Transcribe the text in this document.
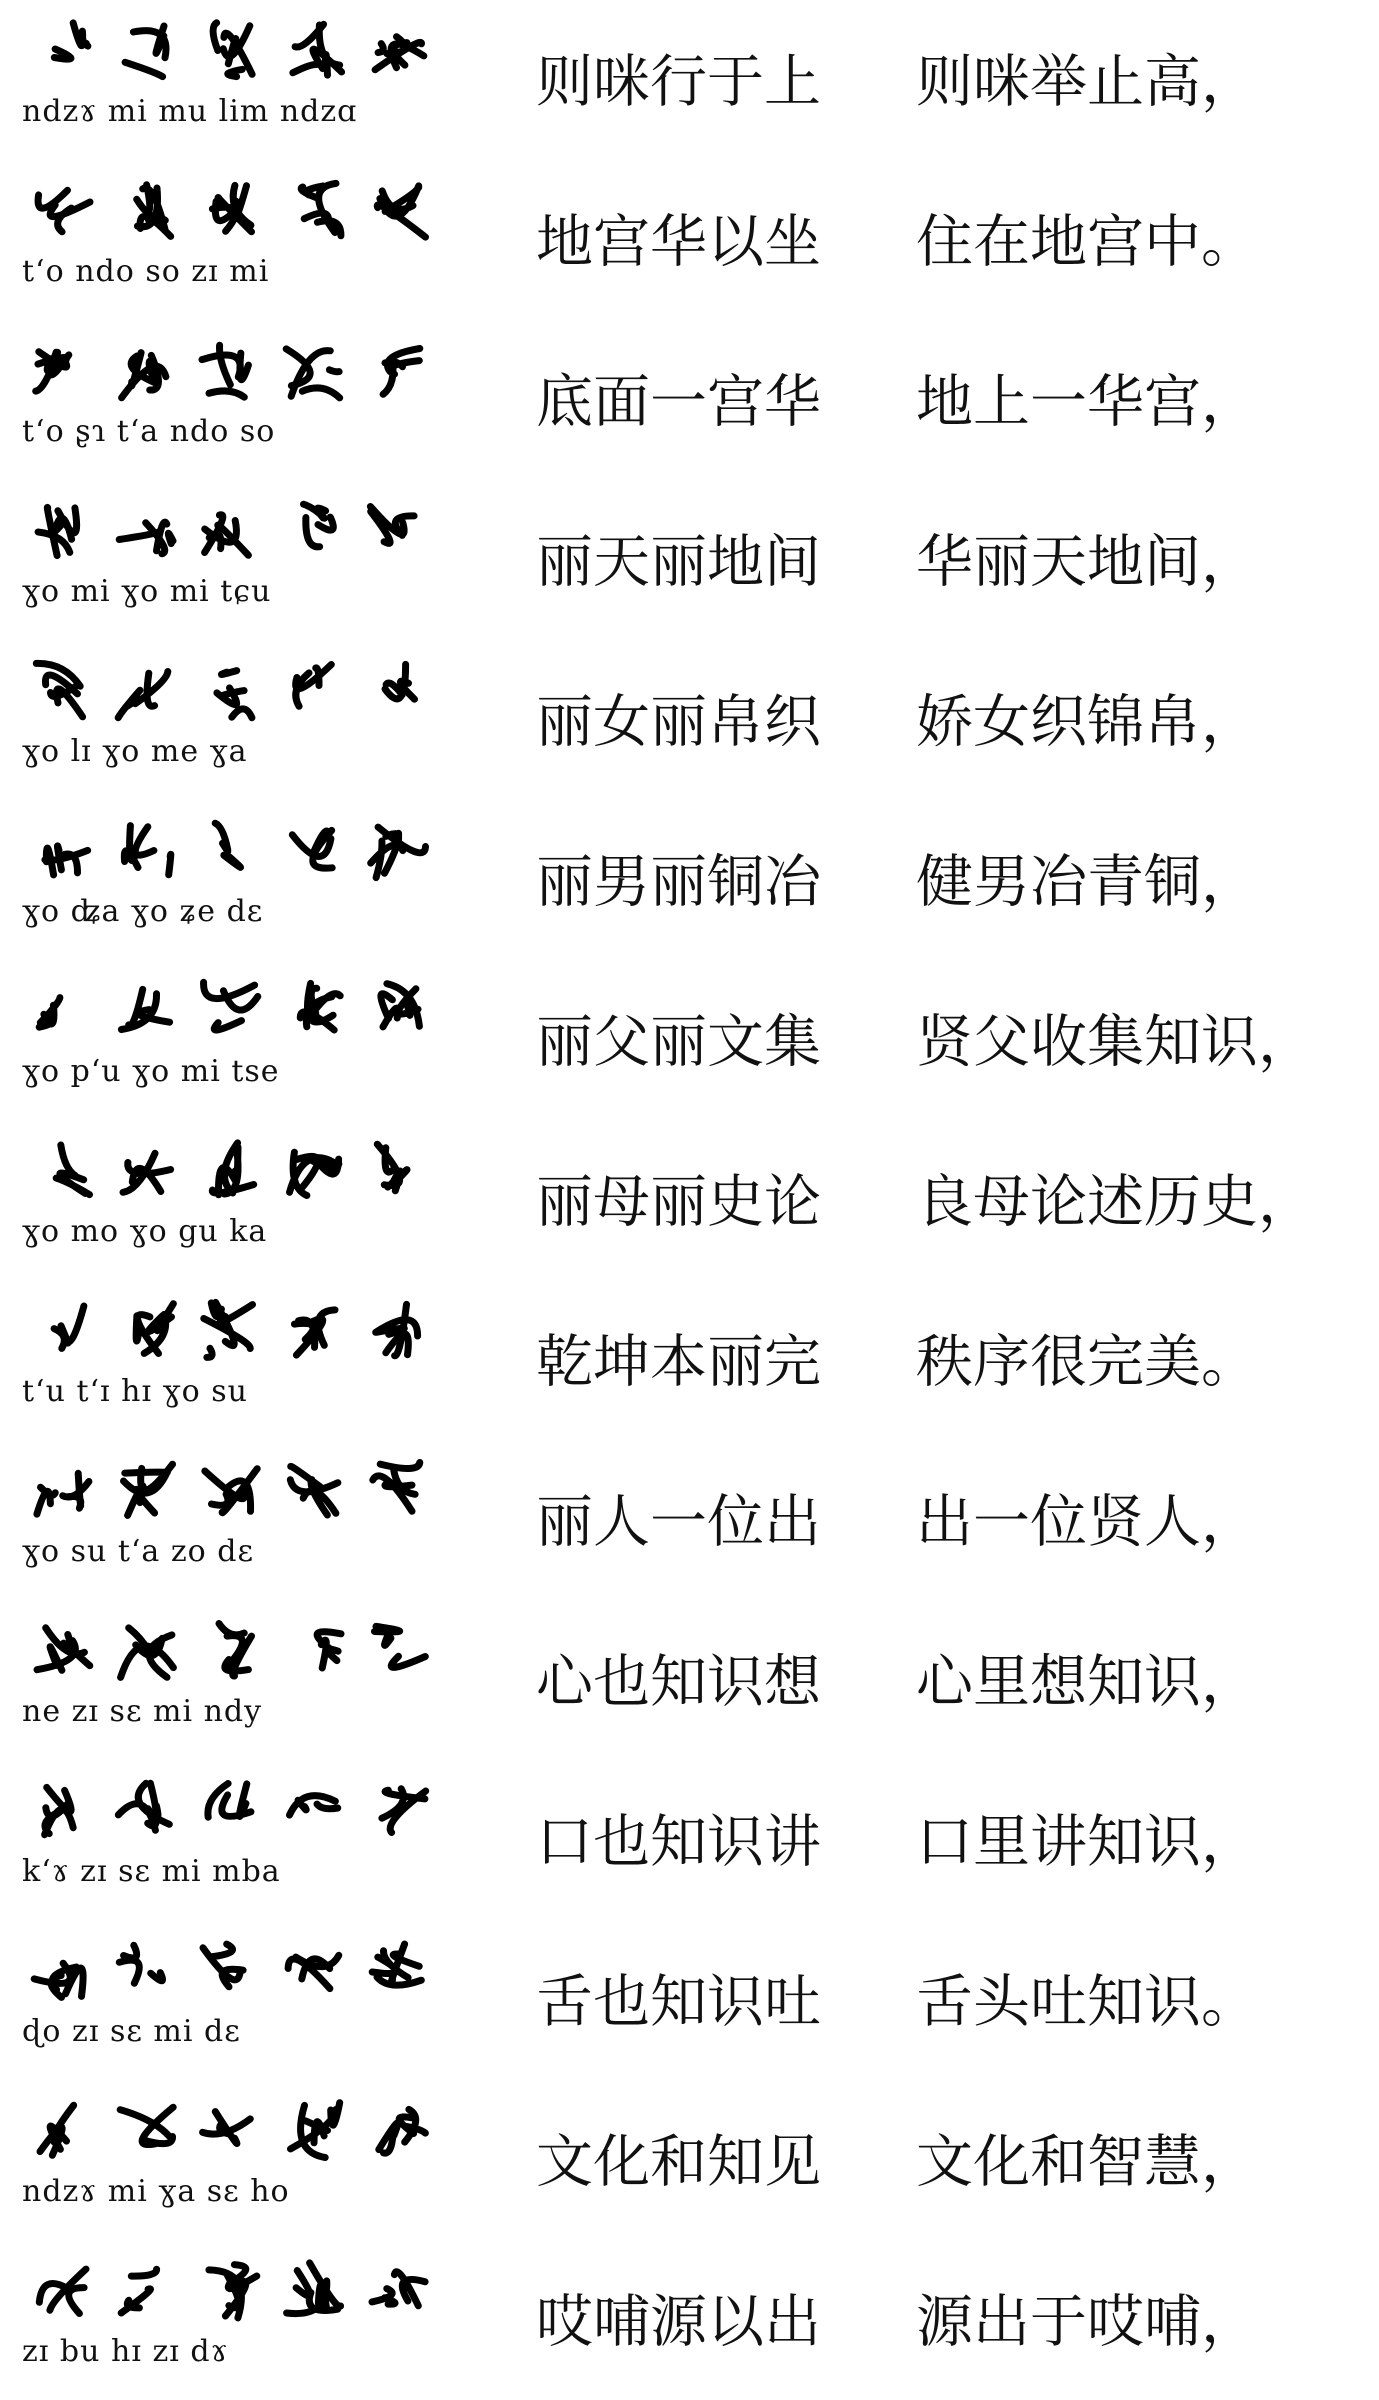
ndzɤ mi mu lim ndzɑ	则咪行于上	则咪举止高，
tʻo ndo so zɪ mi	地宫华以坐	住在地宫中。
tʻo ʂɿ tʻa ndo so	底面一宫华	地上一华宫，
ɣo mi ɣo mi tɕu	丽天丽地间	华丽天地间，
ɣo lɪ ɣo me ɣa	丽女丽帛织	娇女织锦帛，
ɣo ʥa ɣo ʑe dɛ	丽男丽铜冶	健男冶青铜，
ɣo pʻu ɣo mi tse	丽父丽文集	贤父收集知识，
ɣo mo ɣo gu ka	丽母丽史论	良母论述历史，
tʻu tʻɪ hɪ ɣo su	乾坤本丽完	秩序很完美。
ɣo su tʻa zo dɛ	丽人一位出	出一位贤人，
ne zɪ sɛ mi ndy	心也知识想	心里想知识，
kʻɤ zɪ sɛ mi mba	口也知识讲	口里讲知识，
ɖo zɪ sɛ mi dɛ	舌也知识吐	舌头吐知识。
ndzɤ mi ɣa sɛ ho	文化和知见	文化和智慧，
zɪ bu hɪ zɪ dɤ	哎哺源以出	源出于哎哺，
